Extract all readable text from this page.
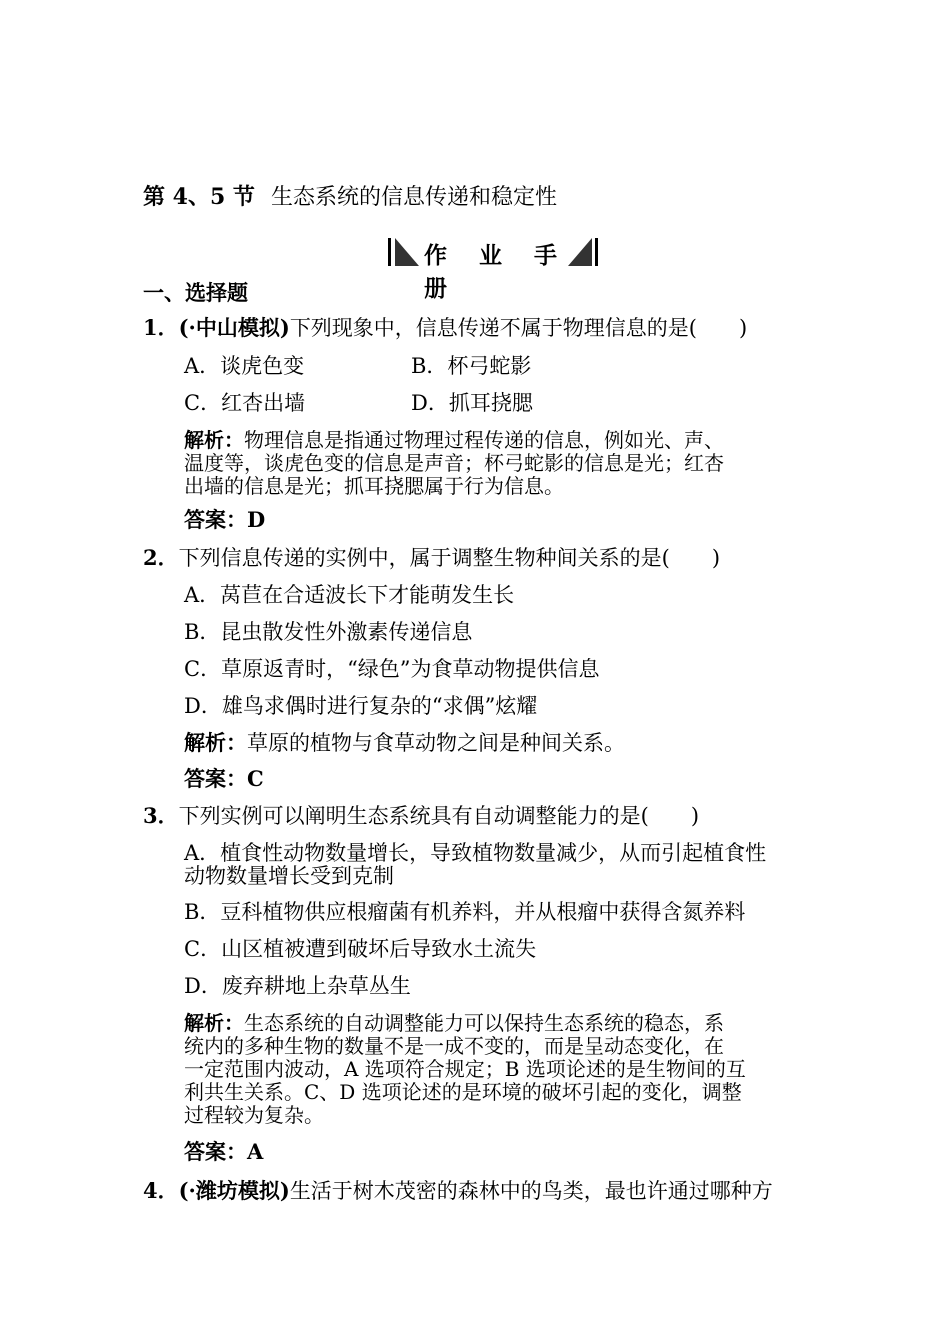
第 4、5 节 生态系统的信息传递和稳定性
作 业 手 册
一、选择题
1．(·中山模拟)下列现象中，信息传递不属于物理信息的是(　　)
A．谈虎色变	B．杯弓蛇影
C．红杏出墙	D．抓耳挠腮
解析：物理信息是指通过物理过程传递的信息，例如光、声、
温度等，谈虎色变的信息是声音；杯弓蛇影的信息是光；红杏
出墙的信息是光；抓耳挠腮属于行为信息。
答案：D
2．下列信息传递的实例中，属于调整生物种间关系的是(　　)
A．莴苣在合适波长下才能萌发生长
B．昆虫散发性外激素传递信息
C．草原返青时，“绿色”为食草动物提供信息
D．雄鸟求偶时进行复杂的“求偶”炫耀
解析：草原的植物与食草动物之间是种间关系。
答案：C
3．下列实例可以阐明生态系统具有自动调整能力的是(　　)
A．植食性动物数量增长，导致植物数量减少，从而引起植食性
动物数量增长受到克制
B．豆科植物供应根瘤菌有机养料，并从根瘤中获得含氮养料
C．山区植被遭到破坏后导致水土流失
D．废弃耕地上杂草丛生
解析：生态系统的自动调整能力可以保持生态系统的稳态，系
统内的多种生物的数量不是一成不变的，而是呈动态变化，在
一定范围内波动，A 选项符合规定；B 选项论述的是生物间的互
利共生关系。C、D 选项论述的是环境的破坏引起的变化，调整
过程较为复杂。
答案：A
4．(·潍坊模拟)生活于树木茂密的森林中的鸟类，最也许通过哪种方
